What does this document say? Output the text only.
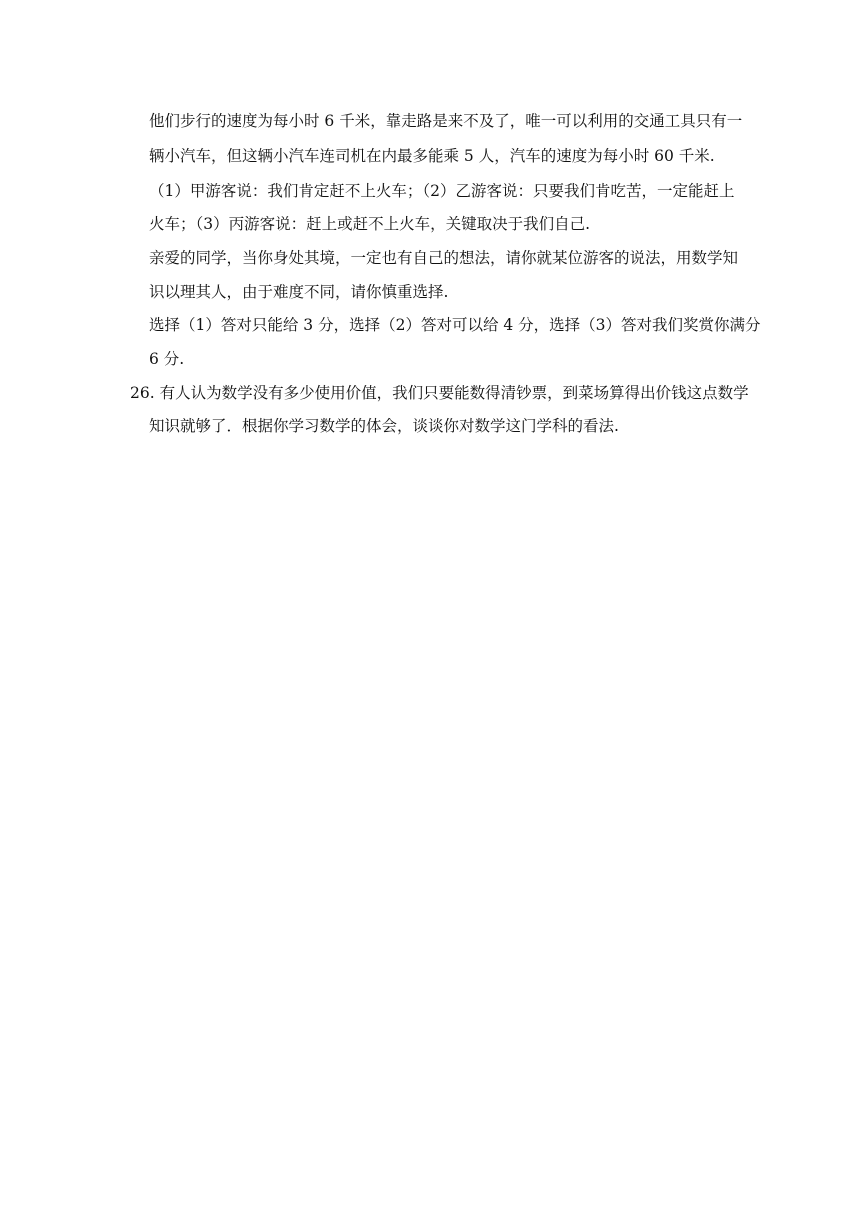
他们步行的速度为每小时 6 千米，靠走路是来不及了，唯一可以利用的交通工具只有一
辆小汽车，但这辆小汽车连司机在内最多能乘 5 人，汽车的速度为每小时 60 千米.
（1）甲游客说：我们肯定赶不上火车；（2）乙游客说：只要我们肯吃苦，一定能赶上
火车；（3）丙游客说：赶上或赶不上火车，关键取决于我们自己.
亲爱的同学，当你身处其境，一定也有自己的想法，请你就某位游客的说法，用数学知
识以理其人，由于难度不同，请你慎重选择.
选择（1）答对只能给 3 分，选择（2）答对可以给 4 分，选择（3）答对我们奖赏你满分
6 分.
26. 有人认为数学没有多少使用价值，我们只要能数得清钞票，到菜场算得出价钱这点数学
知识就够了．根据你学习数学的体会，谈谈你对数学这门学科的看法.
